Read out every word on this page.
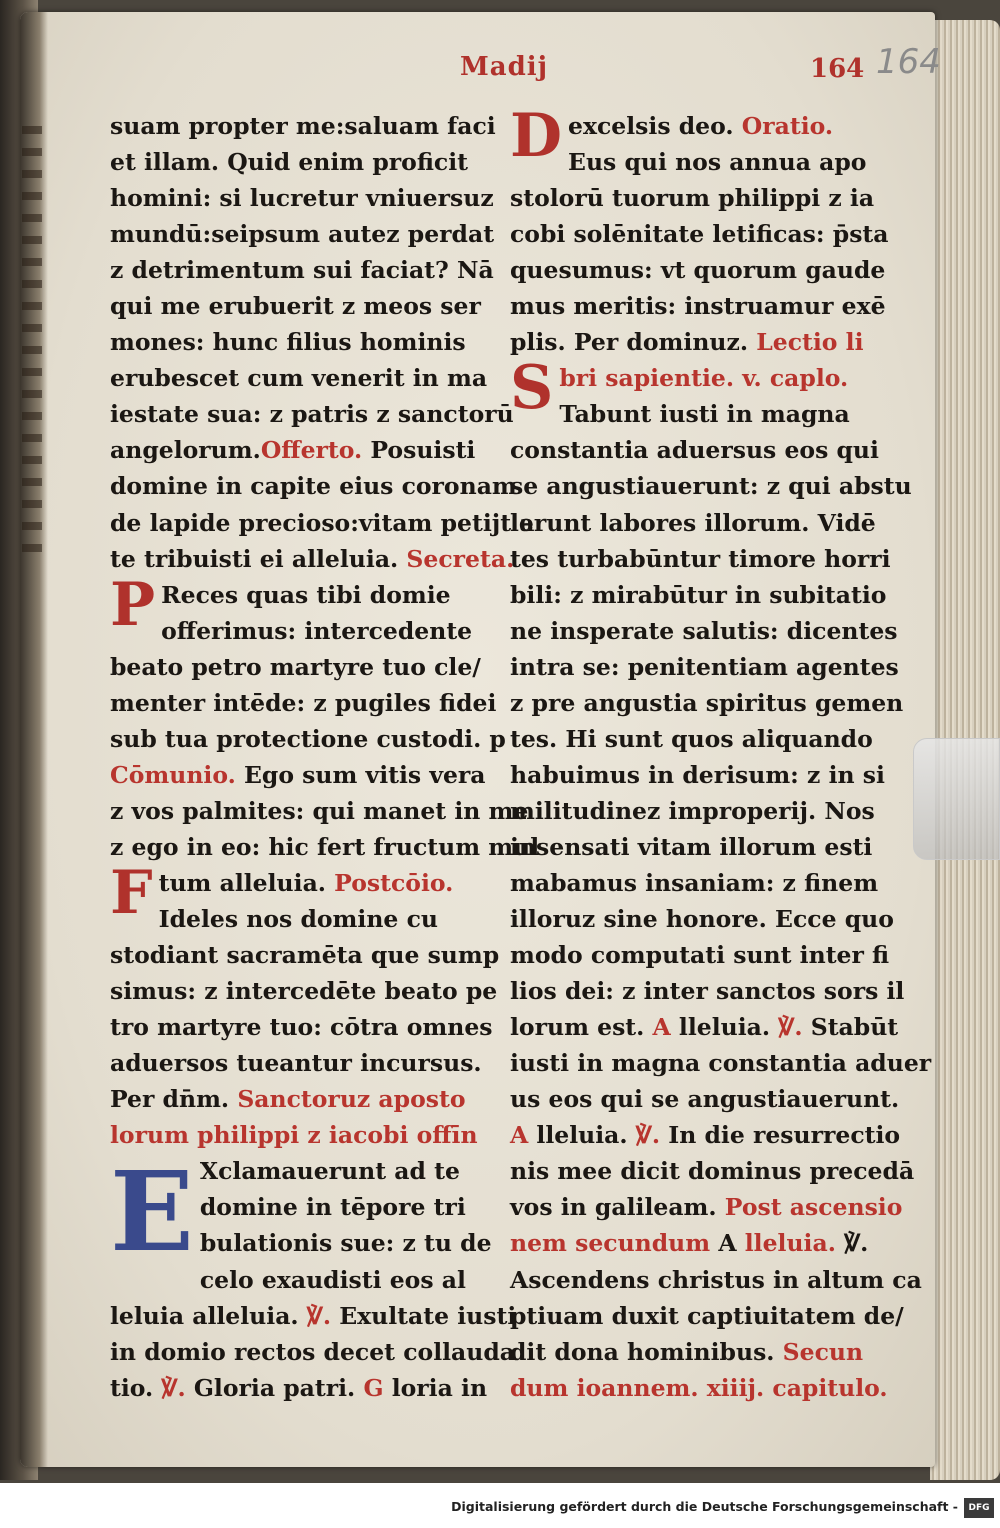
Madij	164 164
suam propter me:saluam faci
et illam. Quid enim proficit
homini: si lucretur vniuersuz
mundū:seipsum autez perdat
z detrimentum sui faciat? Nā
qui me erubuerit z meos ser
mones: hunc filius hominis
erubescet cum venerit in ma
iestate sua: z patris z sanctorū
angelorum.Offerto. Posuisti
domine in capite eius coronam
de lapide precioso:vitam petijt a
te tribuisti ei alleluia. Secreta.
P Reces quas tibi domie
offerimus: intercedente
beato petro martyre tuo cle/
menter intēde: z pugiles fidei
sub tua protectione custodi. p
Cōmunio. Ego sum vitis vera
z vos palmites: qui manet in me
z ego in eo: hic fert fructum mul
Ftum alleluia. Postcōio.
Ideles nos domine cu
stodiant sacramēta que sump
simus: z intercedēte beato pe
tro martyre tuo: cōtra omnes
aduersos tueantur incursus.
Per dn̄m. Sanctoruz aposto
lorum philippi z iacobi offīn
E Xclamauerunt ad te
domine in tēpore tri
bulationis sue: z tu de
celo exaudisti eos al
leluia alleluia. ℣. Exultate iusti
in domio rectos decet collauda
tio. ℣. Gloria patri. G loria in
Dexcelsis deo. Oratio.
Eus qui nos annua apo
stolorū tuorum philippi z ia
cobi solēnitate letificas: p̄sta
quesumus: vt quorum gaude
mus meritis: instruamur exē
plis. Per dominuz. Lectio li
Sbri sapientie. v. caplo.
Tabunt iusti in magna
constantia aduersus eos qui
se angustiauerunt: z qui abstu
lerunt labores illorum. Vidē
tes turbabūntur timore horri
bili: z mirabūtur in subitatio
ne insperate salutis: dicentes
intra se: penitentiam agentes
z pre angustia spiritus gemen
tes. Hi sunt quos aliquando
habuimus in derisum: z in si
militudinez improperij. Nos
insensati vitam illorum esti
mabamus insaniam: z finem
illoruz sine honore. Ecce quo
modo computati sunt inter fi
lios dei: z inter sanctos sors il
lorum est. A lleluia. ℣. Stabūt
iusti in magna constantia aduer
us eos qui se angustiauerunt.
A lleluia. ℣. In die resurrectio
nis mee dicit dominus precedā
vos in galileam. Post ascensio
nem secundum A lleluia. ℣.
Ascendens christus in altum ca
ptiuam duxit captiuitatem de/
dit dona hominibus. Secun
dum ioannem. xiiij. capitulo.
Digitalisierung gefördert durch die Deutsche Forschungsgemeinschaft -	DFG
